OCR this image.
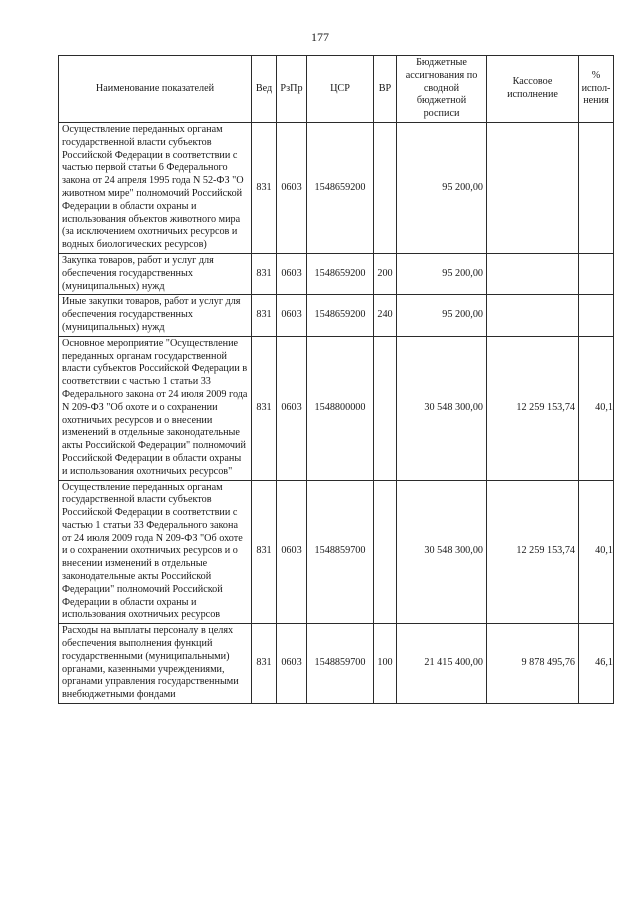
177
Наименование показателей	Вед	РзПр	ЦСР	ВР	Бюджетные ассигнования по сводной бюджетной росписи	Кассовое исполнение	% испол-нения
Осуществление переданных органам государственной власти субъектов Российской Федерации в соответствии с частью первой статьи 6 Федерального закона от 24 апреля 1995 года N 52-ФЗ "О животном мире" полномочий Российской Федерации в области охраны и использования объектов животного мира (за исключением охотничьих ресурсов и водных биологических ресурсов)	831	0603	1548659200		95 200,00		
Закупка товаров, работ и услуг для обеспечения государственных (муниципальных) нужд	831	0603	1548659200	200	95 200,00		
Иные закупки товаров, работ и услуг для обеспечения государственных (муниципальных) нужд	831	0603	1548659200	240	95 200,00		
Основное мероприятие "Осуществление переданных органам государственной власти субъектов Российской Федерации в соответствии с частью 1 статьи 33 Федерального закона от 24 июля 2009 года N 209-ФЗ "Об охоте и о сохранении охотничьих ресурсов и о внесении изменений в отдельные законодательные акты Российской Федерации" полномочий Российской Федерации в области охраны и использования охотничьих ресурсов"	831	0603	1548800000		30 548 300,00	12 259 153,74	40,1
Осуществление переданных органам государственной власти субъектов Российской Федерации в соответствии с частью 1 статьи 33 Федерального закона от 24 июля 2009 года N 209-ФЗ "Об охоте и о сохранении охотничьих ресурсов и о внесении изменений в отдельные законодательные акты Российской Федерации" полномочий Российской Федерации в области охраны и использования охотничьих ресурсов	831	0603	1548859700		30 548 300,00	12 259 153,74	40,1
Расходы на выплаты персоналу в целях обеспечения выполнения функций государственными (муниципальными) органами, казенными учреждениями, органами управления государственными внебюджетными фондами	831	0603	1548859700	100	21 415 400,00	9 878 495,76	46,1
